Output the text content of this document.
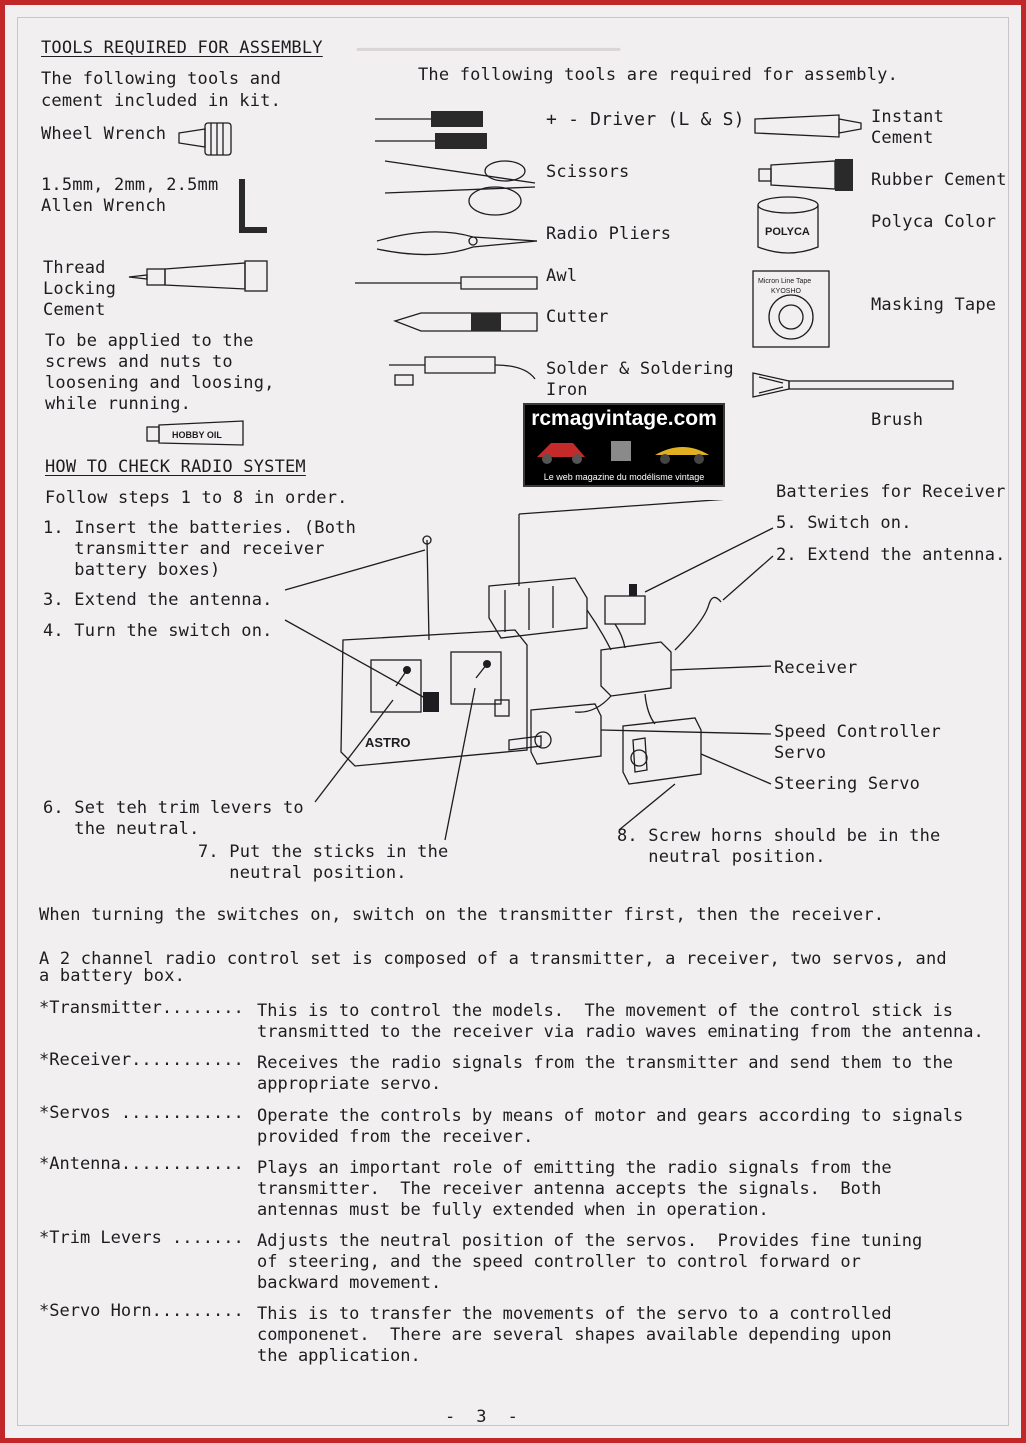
▁▁▁▁▁▁▁▁▁▁▁▁▁▁▁▁▁▁▁▁▁▁▁
TOOLS REQUIRED FOR ASSEMBLY
The following tools and
cement included in kit.
The following tools are required for assembly.
Wheel Wrench
1.5mm, 2mm, 2.5mm
Allen Wrench
Thread
Locking
Cement
To be applied to the
screws and nuts to
loosening and loosing,
while running.
HOBBY OIL
+ - Driver (L & S)
Scissors
Radio Pliers
Awl
Cutter
Solder & Soldering
Iron
Instant
Cement
Rubber Cement
POLYCA	Polyca Color
Micron Line Tape
KYOSHO
Masking Tape
Brush
rcmagvintage.com
Le web magazine du modélisme vintage
HOW TO CHECK RADIO SYSTEM
Follow steps 1 to 8 in order.
1. Insert the batteries. (Both
transmitter and receiver
battery boxes)
3. Extend the antenna.
4. Turn the switch on.
6. Set teh trim levers to
the neutral.
7. Put the sticks in the
neutral position.
8. Screw horns should be in the
neutral position.
Batteries for Receiver
5. Switch on.
2. Extend the antenna.
Receiver
Speed Controller
Servo
Steering Servo
ASTRO
When turning the switches on, switch on the transmitter first, then the receiver.
A 2 channel radio control set is composed of a transmitter, a receiver, two servos, and
a battery box.
*Transmitter........ This is to control the models.  The movement of the control stick is
transmitted to the receiver via radio waves eminating from the antenna.
*Receiver........... Receives the radio signals from the transmitter and send them to the
appropriate servo.
*Servos ............ Operate the controls by means of motor and gears according to signals
provided from the receiver.
*Antenna............ Plays an important role of emitting the radio signals from the
transmitter.  The receiver antenna accepts the signals.  Both
antennas must be fully extended when in operation.
*Trim Levers ....... Adjusts the neutral position of the servos.  Provides fine tuning
of steering, and the speed controller to control forward or
backward movement.
*Servo Horn......... This is to transfer the movements of the servo to a controlled
componenet.  There are several shapes available depending upon
the application.
-  3  -
